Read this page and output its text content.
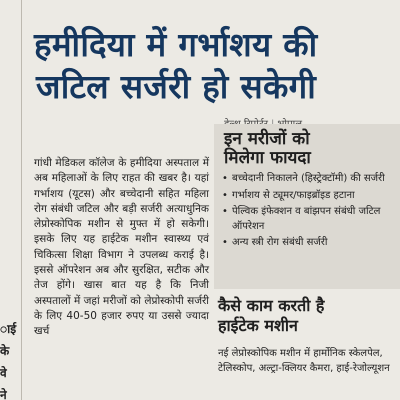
ाई
के
वे
ने
हमीदिया में गर्भाशय की
जटिल सर्जरी हो सकेगी

गांधी मेडिकल कॉलेज के हमीदिया अस्पताल में अब महिलाओं के लिए राहत की खबर है। यहां गर्भाशय (यूटस) और बच्चेदानी सहित महिला रोग संबंधी जटिल और बड़ी सर्जरी अत्याधुनिक लेप्रोस्कोपिक मशीन से मुफ्त में हो सकेगी। इसके लिए यह हाईटेक मशीन स्वास्थ्य एवं चिकित्सा शिक्षा विभाग ने उपलब्ध कराई है। इससे ऑपरेशन अब और सुरक्षित, सटीक और तेज होंगे। खास बात यह है कि निजी अस्पतालों में जहां मरीजों को लेप्रोस्कोपी सर्जरी के लिए 40-50 हजार रुपए या उससे ज्यादा खर्च

इन मरीजों को
मिलेगा फायदा
• बच्चेदानी निकालने (हिस्ट्रेक्टॉमी) की सर्जरी
• गर्भाशय से ट्यूमर/फाइब्रॉइड हटाना
• पेल्विक इंफेक्शन व बांझपन संबंधी जटिल ऑपरेशन
• अन्य स्त्री रोग संबंधी सर्जरी
कैसे काम करती है
हाईटेक मशीन
नई लेप्रोस्कोपिक मशीन में हार्मोनिक स्केलपेल, टेलिस्कोप, अल्ट्रा-क्लियर कैमरा, हाई-रेजोल्यूशन
